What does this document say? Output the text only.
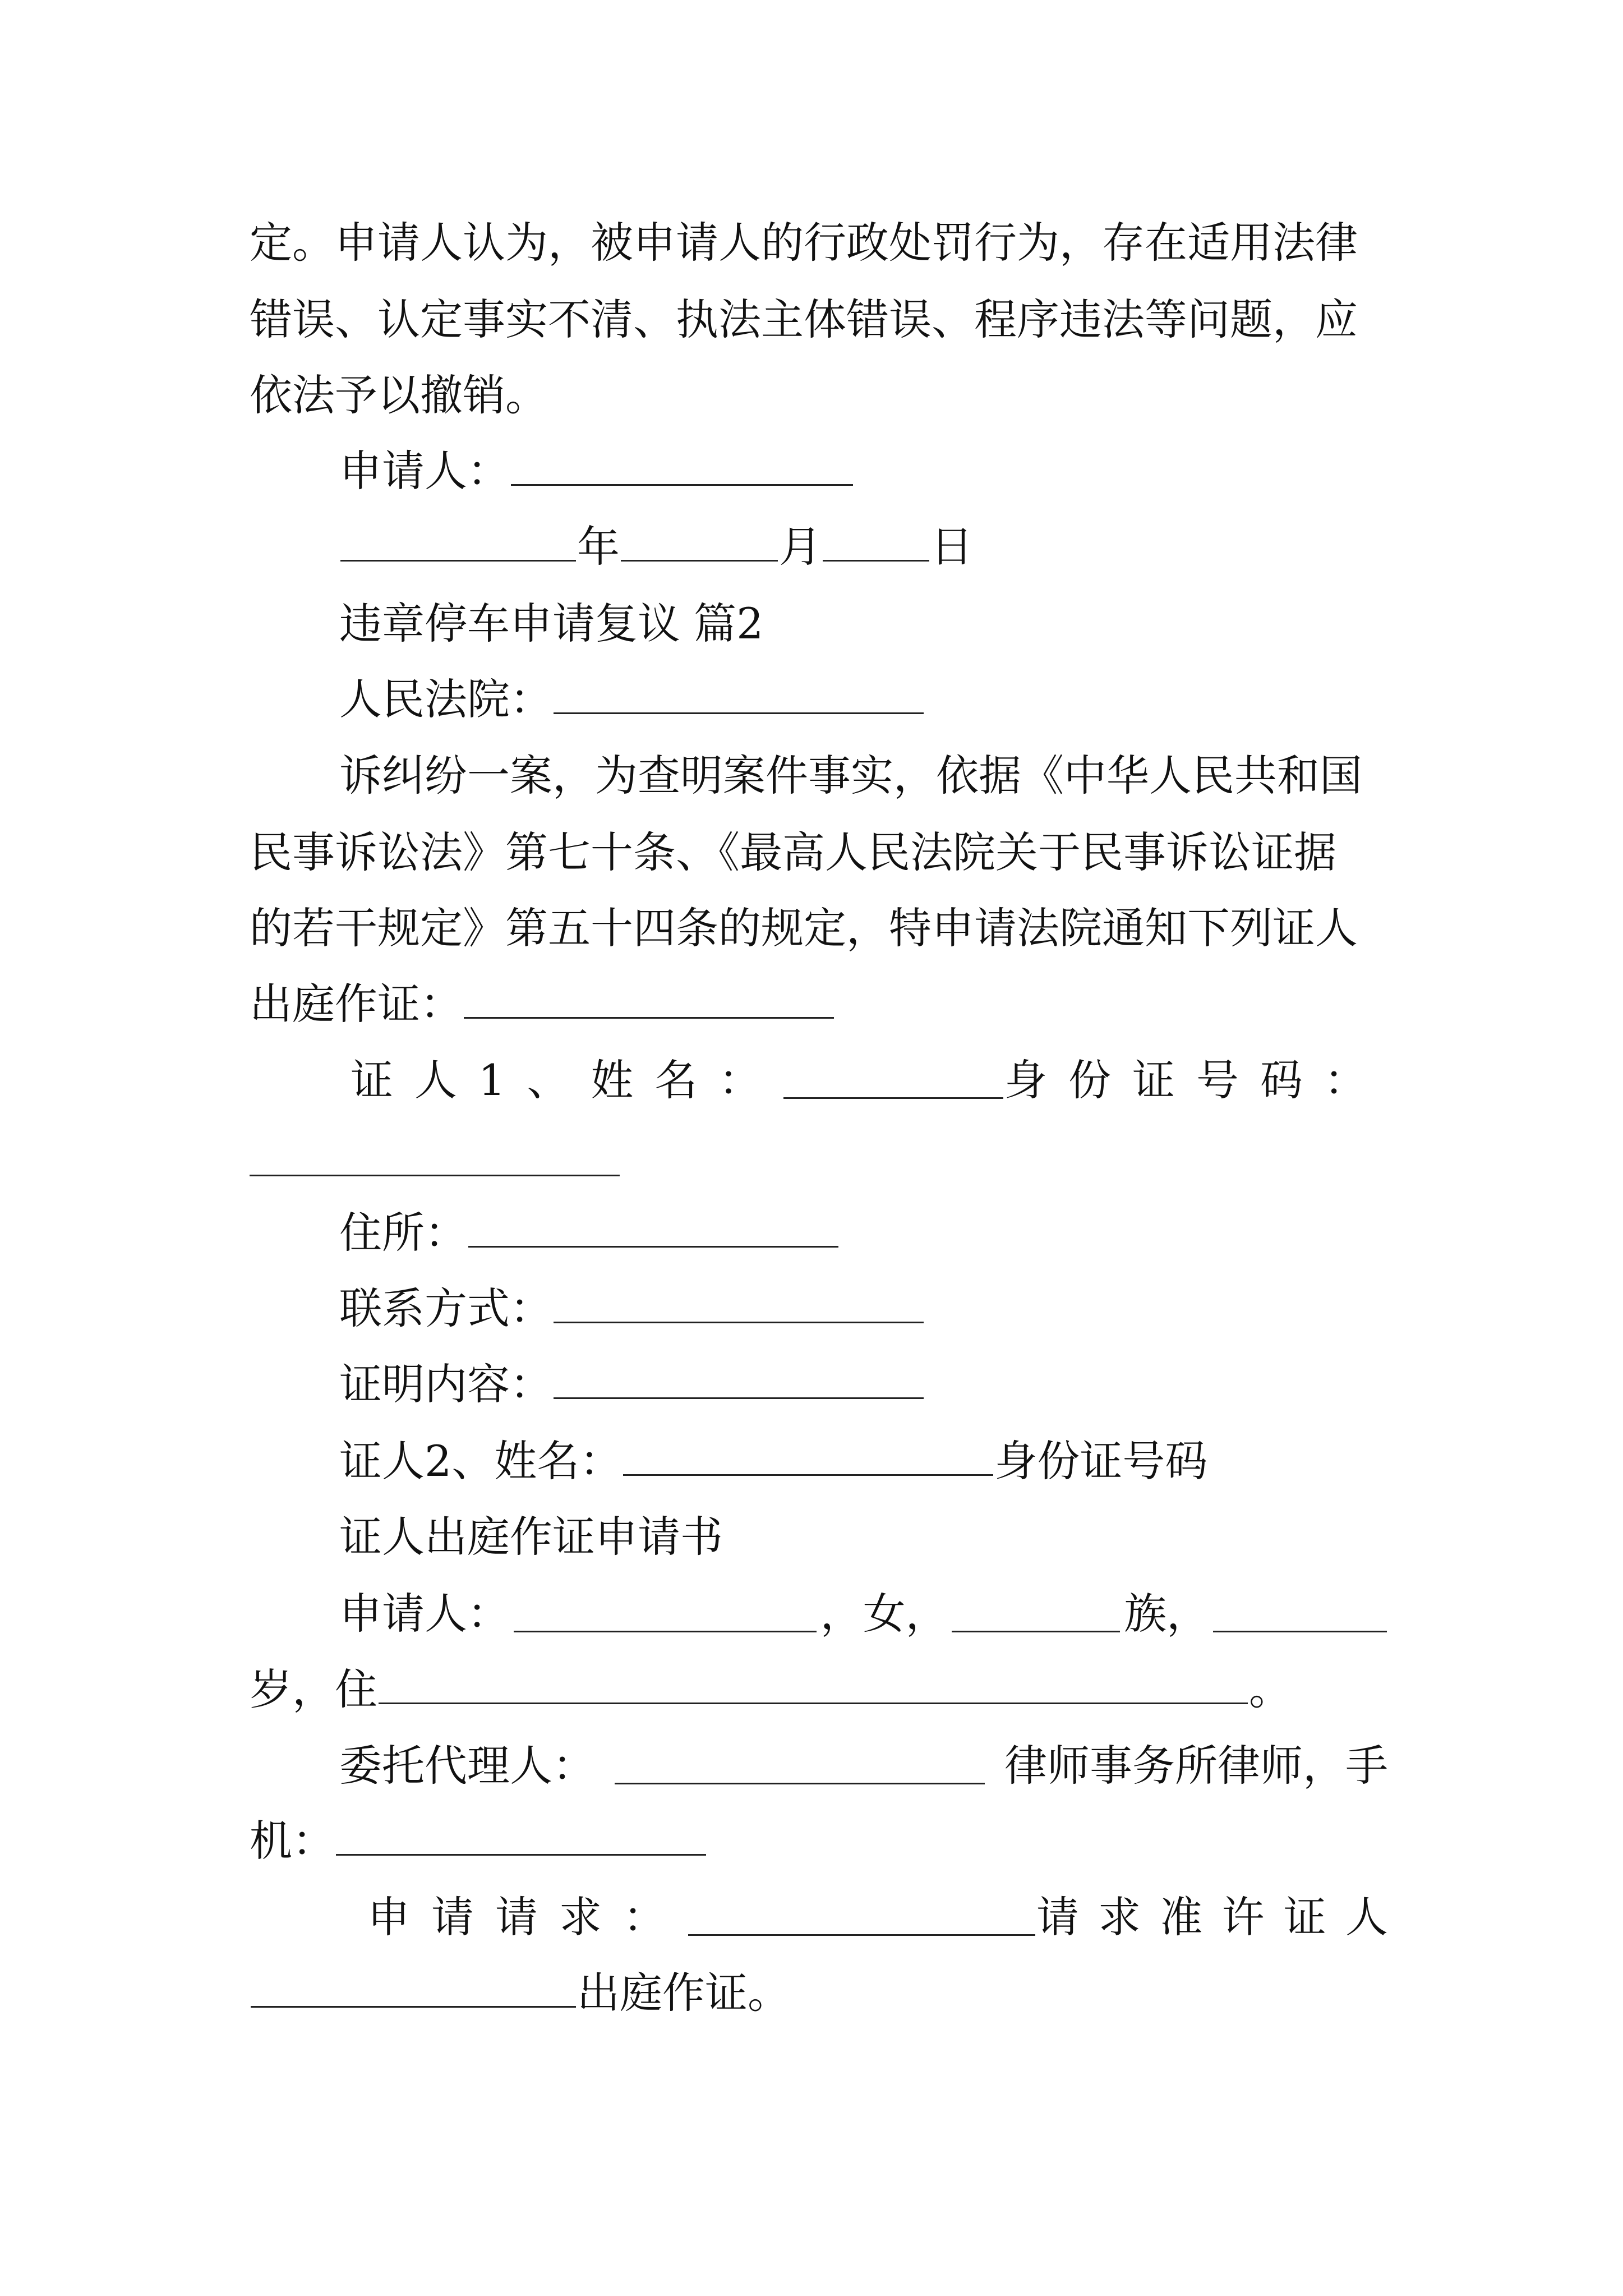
定。申请人认为，被申请人的行政处罚行为，存在适用法律
错误、认定事实不清、执法主体错误、程序违法等问题，应
依法予以撤销。
申请人：
年	月	日
违章停车申请复议 篇2
人民法院：
诉纠纷一案，为查明案件事实，依据《中华人民共和国
民事诉讼法》第七十条、《最高人民法院关于民事诉讼证据
的若干规定》第五十四条的规定，特申请法院通知下列证人
出庭作证：
证人1、姓名：	身份证号码：
住所：
联系方式：
证明内容：
证人2、姓名：	身份证号码
证人出庭作证申请书
申请人：	，女，	族，
岁，住	。
委托代理人：	律师事务所律师，手
机：
申请请求：	请求准许证人
出庭作证。
